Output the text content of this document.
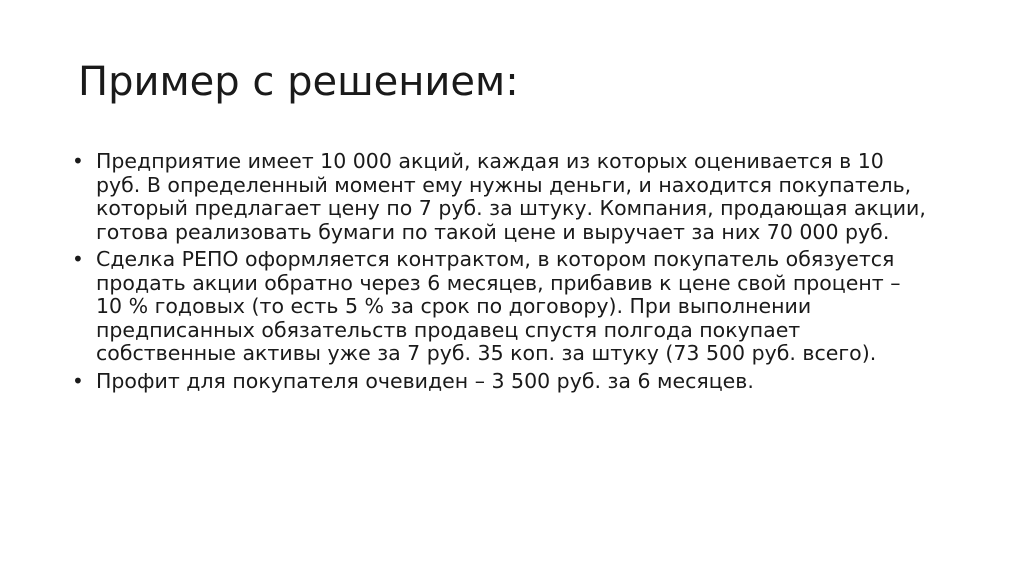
Пример с решением:
• Предприятие имеет 10 000 акций, каждая из которых оценивается в 10 руб. В определенный момент ему нужны деньги, и находится покупатель, который предлагает цену по 7 руб. за штуку. Компания, продающая акции, готова реализовать бумаги по такой цене и выручает за них 70 000 руб.
• Сделка РЕПО оформляется контрактом, в котором покупатель обязуется продать акции обратно через 6 месяцев, прибавив к цене свой процент – 10 % годовых (то есть 5 % за срок по договору). При выполнении предписанных обязательств продавец спустя полгода покупает собственные активы уже за 7 руб. 35 коп. за штуку (73 500 руб. всего).
• Профит для покупателя очевиден – 3 500 руб. за 6 месяцев.
